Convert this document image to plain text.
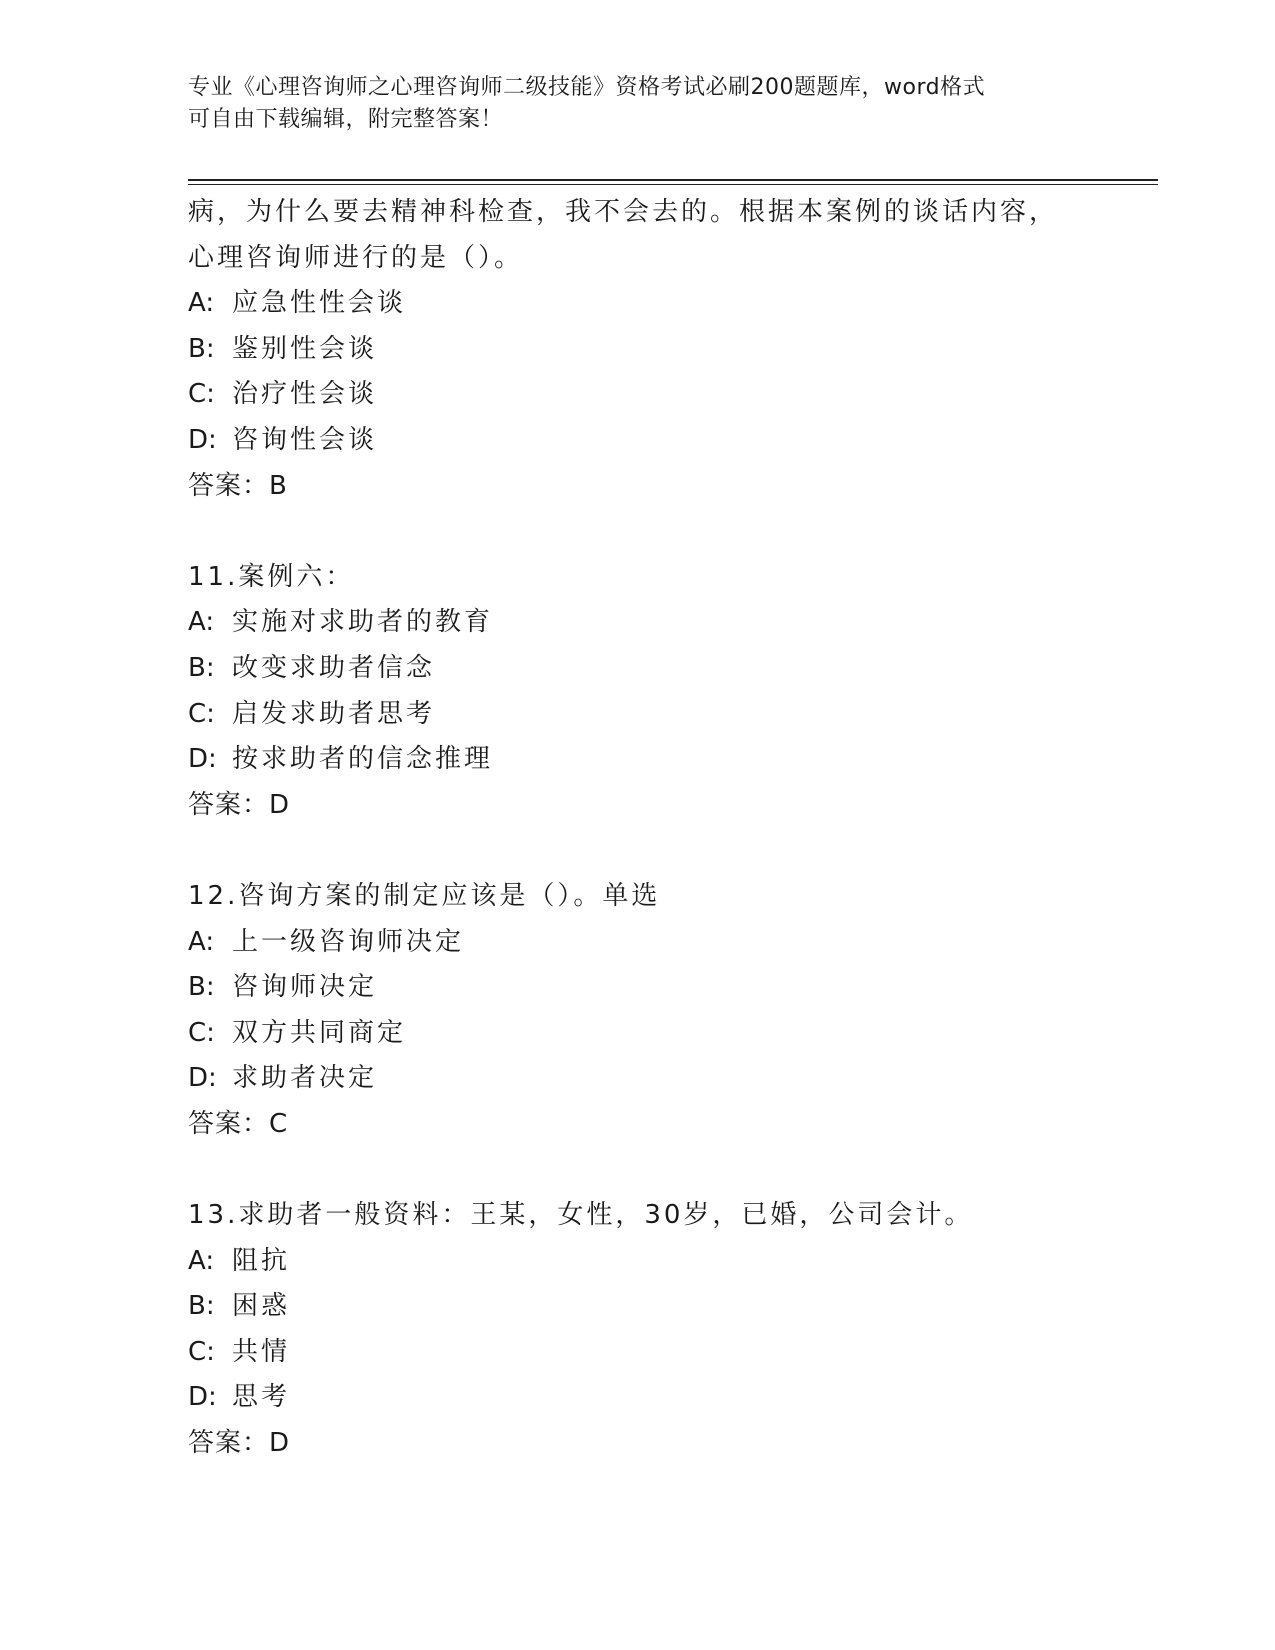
专业《心理咨询师之心理咨询师二级技能》资格考试必刷200题题库，word格式
可自由下载编辑，附完整答案！
病，为什么要去精神科检查，我不会去的。根据本案例的谈话内容，
心理咨询师进行的是（）。
A: 应急性性会谈
B: 鉴别性会谈
C: 治疗性会谈
D: 咨询性会谈
答案：B
11.案例六：
A: 实施对求助者的教育
B: 改变求助者信念
C: 启发求助者思考
D: 按求助者的信念推理
答案：D
12.咨询方案的制定应该是（）。单选
A: 上一级咨询师决定
B: 咨询师决定
C: 双方共同商定
D: 求助者决定
答案：C
13.求助者一般资料：王某，女性，30岁，已婚，公司会计。
A: 阻抗
B: 困惑
C: 共情
D: 思考
答案：D
